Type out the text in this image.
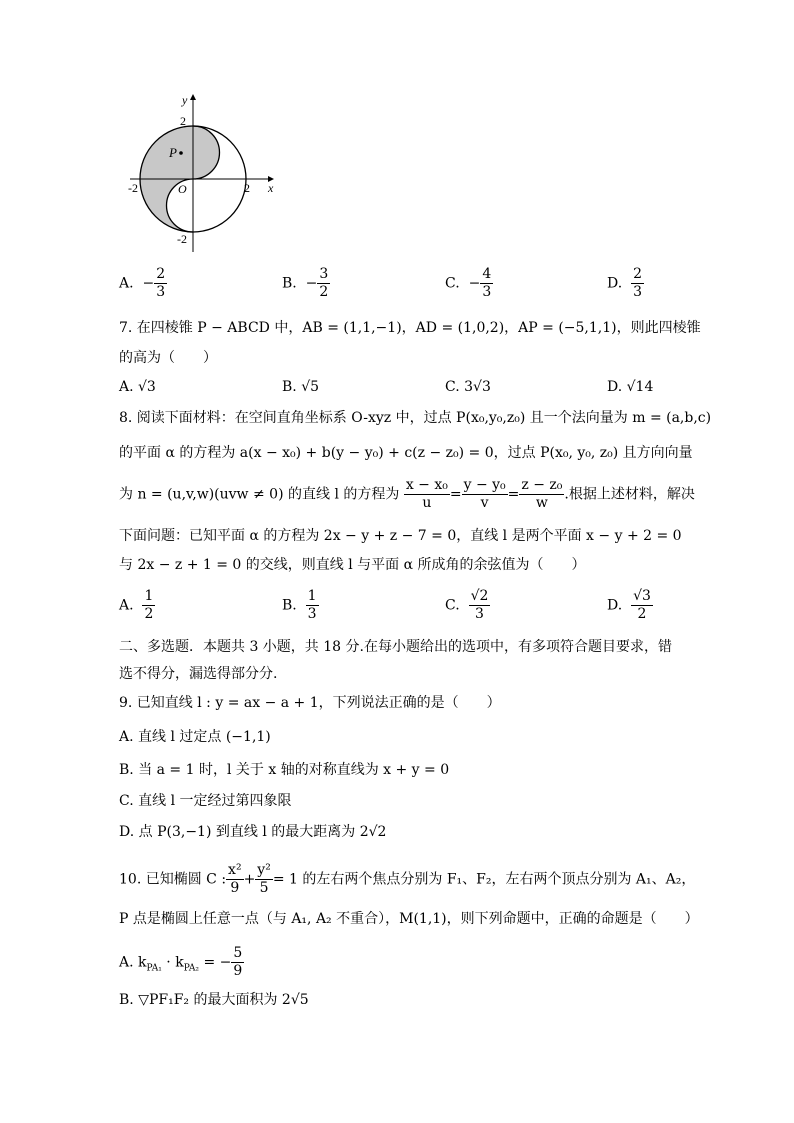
P
y
x
2
-2
-2	2
O
A. − $\frac{2}{3}$	B. − $\frac{3}{2}$	C. − $\frac{4}{3}$	D. $\frac{2}{3}$
7. 在四棱锥 P − ABCD 中，AB = (1,1,−1)，AD = (1,0,2)，AP = (−5,1,1)，则此四棱锥
的高为（　　）
A. √3	B. √5	C. 3√3	D. √14
8. 阅读下面材料：在空间直角坐标系 O-xyz 中，过点 P(x₀,y₀,z₀) 且一个法向量为 m = (a,b,c)
的平面 α 的方程为 a(x − x₀) + b(y − y₀) + c(z − z₀) = 0，过点 P(x₀, y₀, z₀) 且方向向量
为 n = (u,v,w)(uvw ≠ 0) 的直线 l 的方程为 $\frac{\text{x − x₀}}{u} = \frac{\text{y − y₀}}{v} = \frac{\text{z − z₀}}{w}$ .根据上述材料，解决
下面问题：已知平面 α 的方程为 2x − y + z − 7 = 0，直线 l 是两个平面 x − y + 2 = 0
与 2x − z + 1 = 0 的交线，则直线 l 与平面 α 所成角的余弦值为（　　）
A. $\frac{1}{2}$	B. $\frac{1}{3}$	C. $\frac{√2}{3}$	D. $\frac{√3}{2}$
二、多选题．本题共 3 小题，共 18 分.在每小题给出的选项中，有多项符合题目要求，错
选不得分，漏选得部分分.
9. 已知直线 l : y = ax − a + 1，下列说法正确的是（　　）
A. 直线 l 过定点 (−1,1)
B. 当 a = 1 时，l 关于 x 轴的对称直线为 x + y = 0
C. 直线 l 一定经过第四象限
D. 点 P(3,−1) 到直线 l 的最大距离为 2√2
10. 已知椭圆 C : $\frac{\text{x²}}{9} + \frac{\text{y²}}{5} = 1$ 的左右两个焦点分别为 F₁、F₂，左右两个顶点分别为 A₁、A₂，
P 点是椭圆上任意一点（与 A₁, A₂ 不重合），M(1,1)，则下列命题中，正确的命题是（　　）
A. $k_{PA_1} \cdot k_{PA_2}$ = − $\frac{5}{9}$
B. ▽PF₁F₂ 的最大面积为 2√5
